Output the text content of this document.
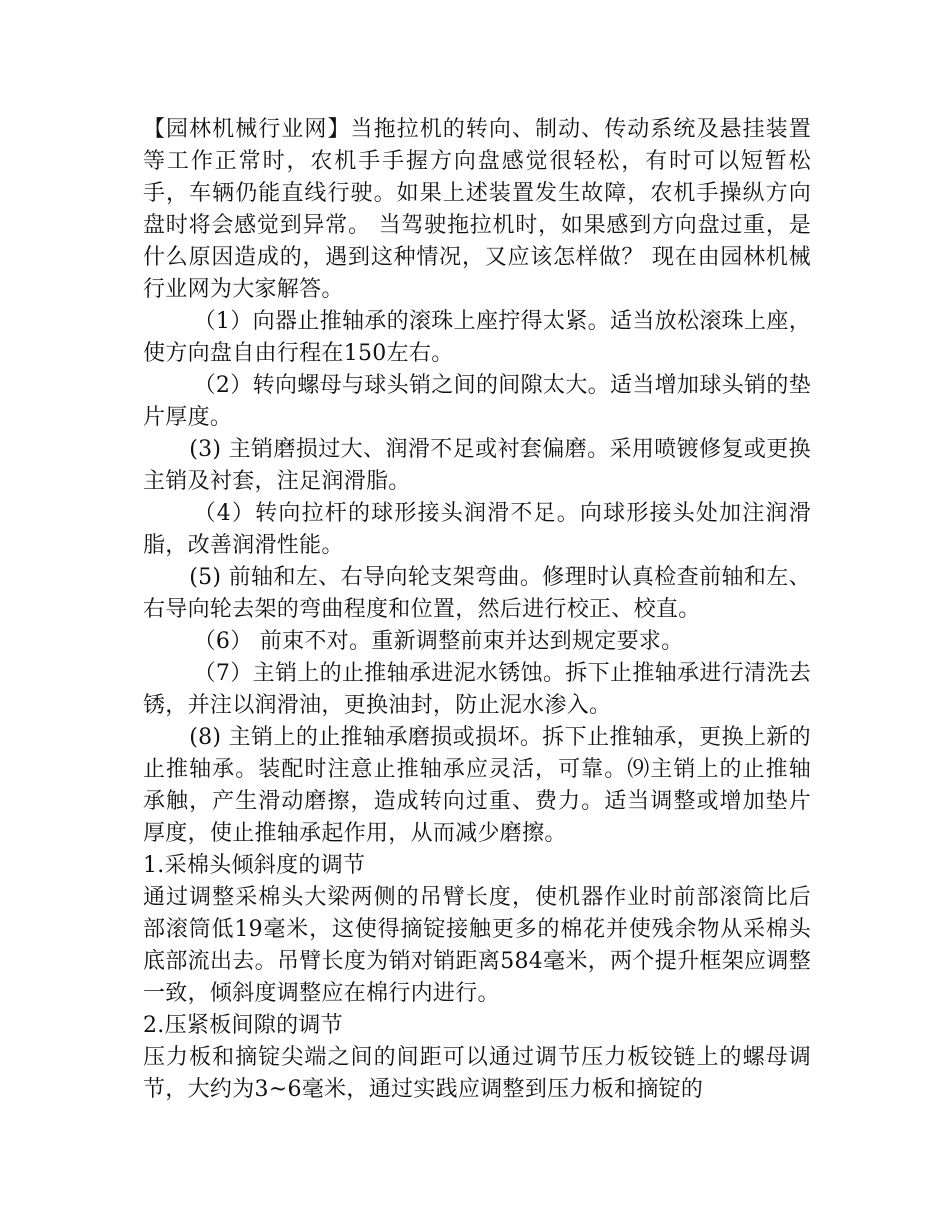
【园林机械行业网】当拖拉机的转向、制动、传动系统及悬挂装置等工作正常时，农机手手握方向盘感觉很轻松，有时可以短暂松手，车辆仍能直线行驶。如果上述装置发生故障，农机手操纵方向盘时将会感觉到异常。 当驾驶拖拉机时，如果感到方向盘过重，是什么原因造成的，遇到这种情况，又应该怎样做？ 现在由园林机械行业网为大家解答。

（1）向器止推轴承的滚珠上座拧得太紧。适当放松滚珠上座，使方向盘自由行程在150左右。

（2）转向螺母与球头销之间的间隙太大。适当增加球头销的垫片厚度。

(3) 主销磨损过大、润滑不足或衬套偏磨。采用喷镀修复或更换主销及衬套，注足润滑脂。

（4）转向拉杆的球形接头润滑不足。向球形接头处加注润滑脂，改善润滑性能。

(5) 前轴和左、右导向轮支架弯曲。修理时认真检查前轴和左、右导向轮去架的弯曲程度和位置，然后进行校正、校直。

（6） 前束不对。重新调整前束并达到规定要求。

（7）主销上的止推轴承进泥水锈蚀。拆下止推轴承进行清洗去锈，并注以润滑油，更换油封，防止泥水渗入。

(8) 主销上的止推轴承磨损或损坏。拆下止推轴承，更换上新的止推轴承。装配时注意止推轴承应灵活，可靠。⑼主销上的止推轴承触，产生滑动磨擦，造成转向过重、费力。适当调整或增加垫片厚度，使止推轴承起作用，从而减少磨擦。

1.采棉头倾斜度的调节

通过调整采棉头大梁两侧的吊臂长度，使机器作业时前部滚筒比后部滚筒低19毫米，这使得摘锭接触更多的棉花并使残余物从采棉头底部流出去。吊臂长度为销对销距离584毫米，两个提升框架应调整一致，倾斜度调整应在棉行内进行。

2.压紧板间隙的调节

压力板和摘锭尖端之间的间距可以通过调节压力板铰链上的螺母调节，大约为3~6毫米，通过实践应调整到压力板和摘锭的
